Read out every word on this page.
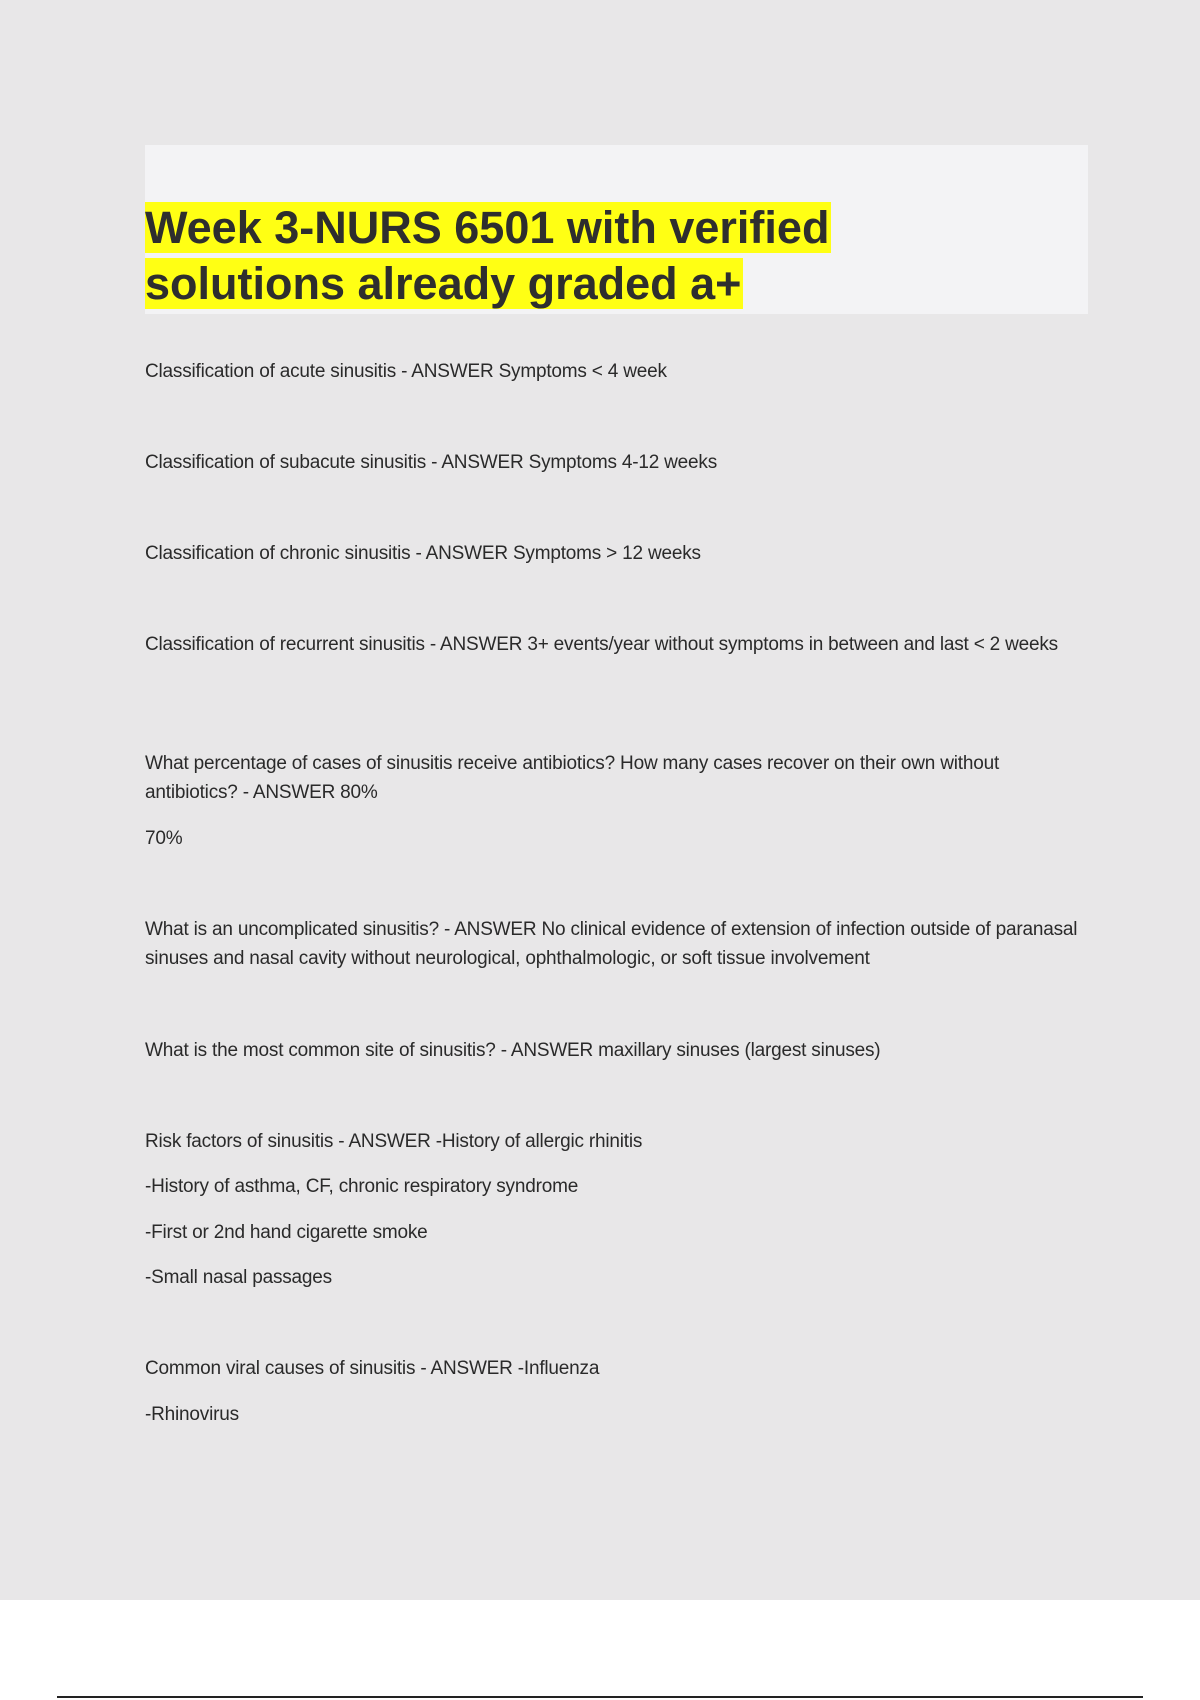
Week 3-NURS 6501 with verified solutions already graded a+

Classification of acute sinusitis - ANSWER Symptoms < 4 week

Classification of subacute sinusitis - ANSWER Symptoms 4-12 weeks

Classification of chronic sinusitis - ANSWER Symptoms > 12 weeks

Classification of recurrent sinusitis - ANSWER 3+ events/year without symptoms in between and last < 2 weeks

What percentage of cases of sinusitis receive antibiotics? How many cases recover on their own without antibiotics? - ANSWER 80%

70%

What is an uncomplicated sinusitis? - ANSWER No clinical evidence of extension of infection outside of paranasal sinuses and nasal cavity without neurological, ophthalmologic, or soft tissue involvement

What is the most common site of sinusitis? - ANSWER maxillary sinuses (largest sinuses)

Risk factors of sinusitis - ANSWER -History of allergic rhinitis

-History of asthma, CF, chronic respiratory syndrome

-First or 2nd hand cigarette smoke

-Small nasal passages

Common viral causes of sinusitis - ANSWER -Influenza

-Rhinovirus
